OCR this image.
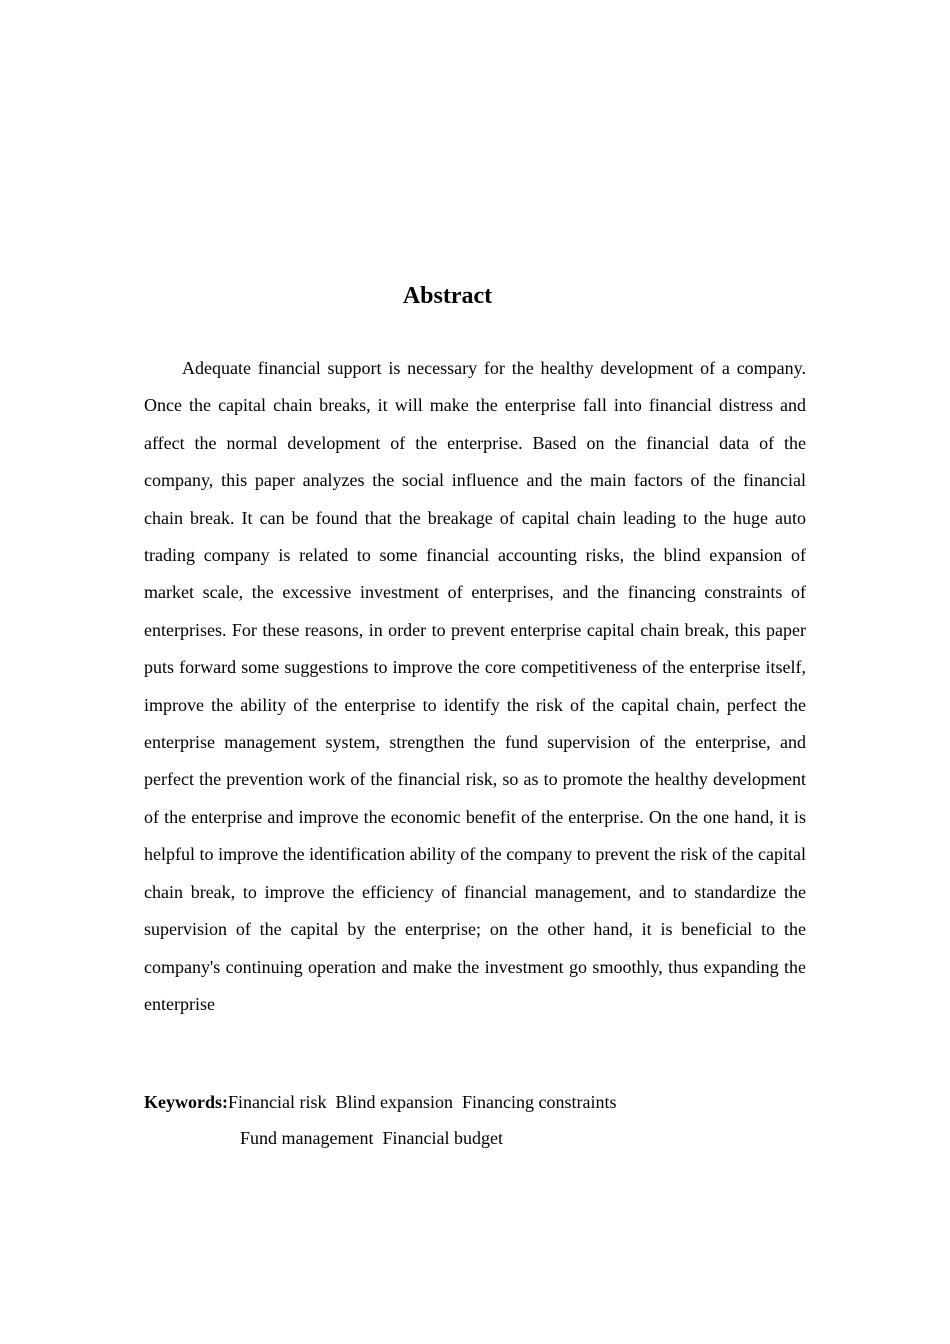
Abstract

Adequate financial support is necessary for the healthy development of a company. Once the capital chain breaks, it will make the enterprise fall into financial distress and affect the normal development of the enterprise. Based on the financial data of the company, this paper analyzes the social influence and the main factors of the financial chain break. It can be found that the breakage of capital chain leading to the huge auto trading company is related to some financial accounting risks, the blind expansion of market scale, the excessive investment of enterprises, and the financing constraints of enterprises. For these reasons, in order to prevent enterprise capital chain break, this paper puts forward some suggestions to improve the core competitiveness of the enterprise itself, improve the ability of the enterprise to identify the risk of the capital chain, perfect the enterprise management system, strengthen the fund supervision of the enterprise, and perfect the prevention work of the financial risk, so as to promote the healthy development of the enterprise and improve the economic benefit of the enterprise. On the one hand, it is helpful to improve the identification ability of the company to prevent the risk of the capital chain break, to improve the efficiency of financial management, and to standardize the supervision of the capital by the enterprise; on the other hand, it is beneficial to the company's continuing operation and make the investment go smoothly, thus expanding the enterprise

Keywords:Financial risk  Blind expansion  Financing constraints
Fund management  Financial budget
